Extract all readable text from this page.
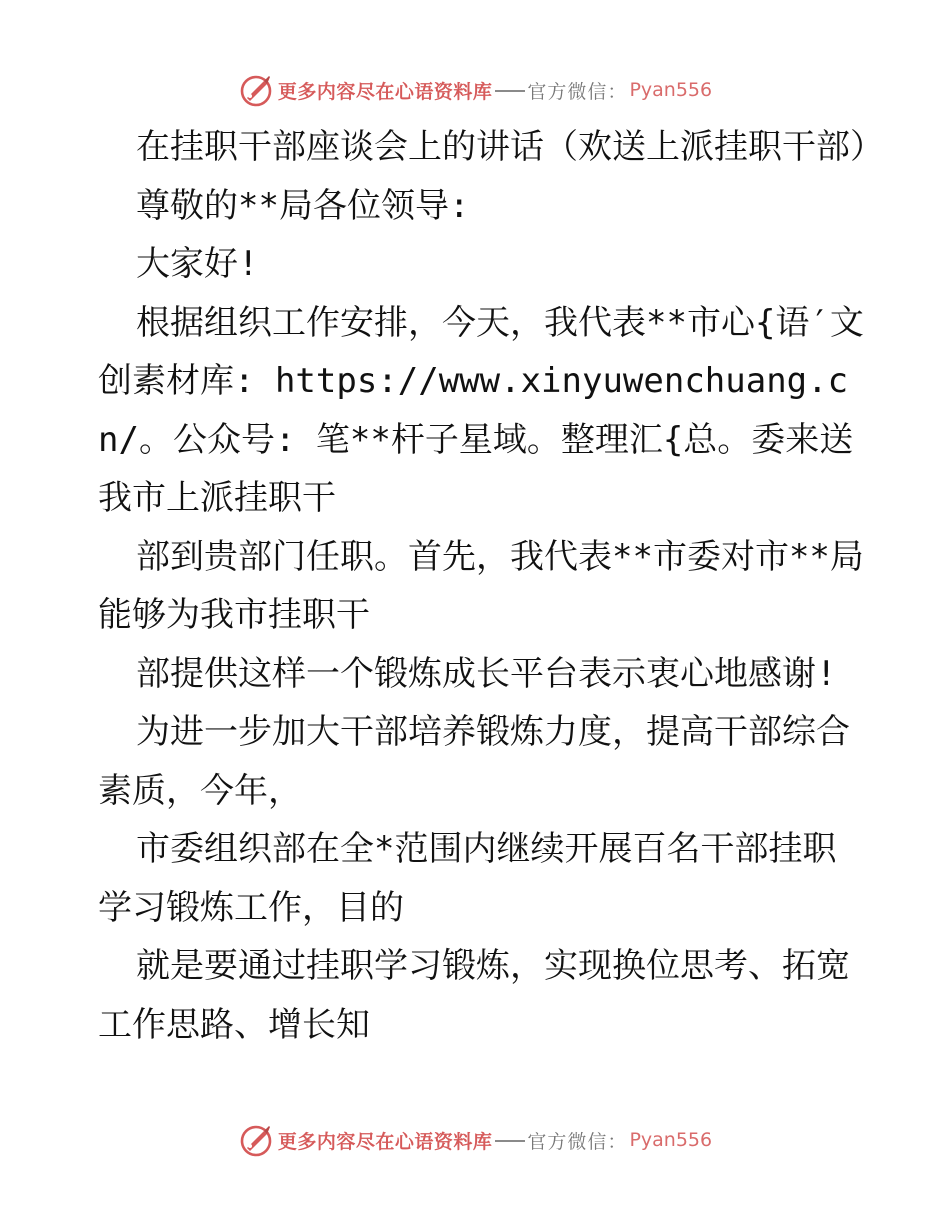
更多内容尽在心语资料库 官方微信： Pyan556

在挂职干部座谈会上的讲话（欢送上派挂职干部）

尊敬的**局各位领导:

大家好!

根据组织工作安排，今天，我代表**市心{语′文创素材库: https://www.xinyuwenchuang.cn/。公众号: 笔**杆子星域。整理汇{总。委来送我市上派挂职干

部到贵部门任职。首先，我代表**市委对市**局能够为我市挂职干

部提供这样一个锻炼成长平台表示衷心地感谢!

为进一步加大干部培养锻炼力度，提高干部综合素质，今年，

市委组织部在全*范围内继续开展百名干部挂职学习锻炼工作，目的

就是要通过挂职学习锻炼，实现换位思考、拓宽工作思路、增长知

更多内容尽在心语资料库 官方微信： Pyan556
